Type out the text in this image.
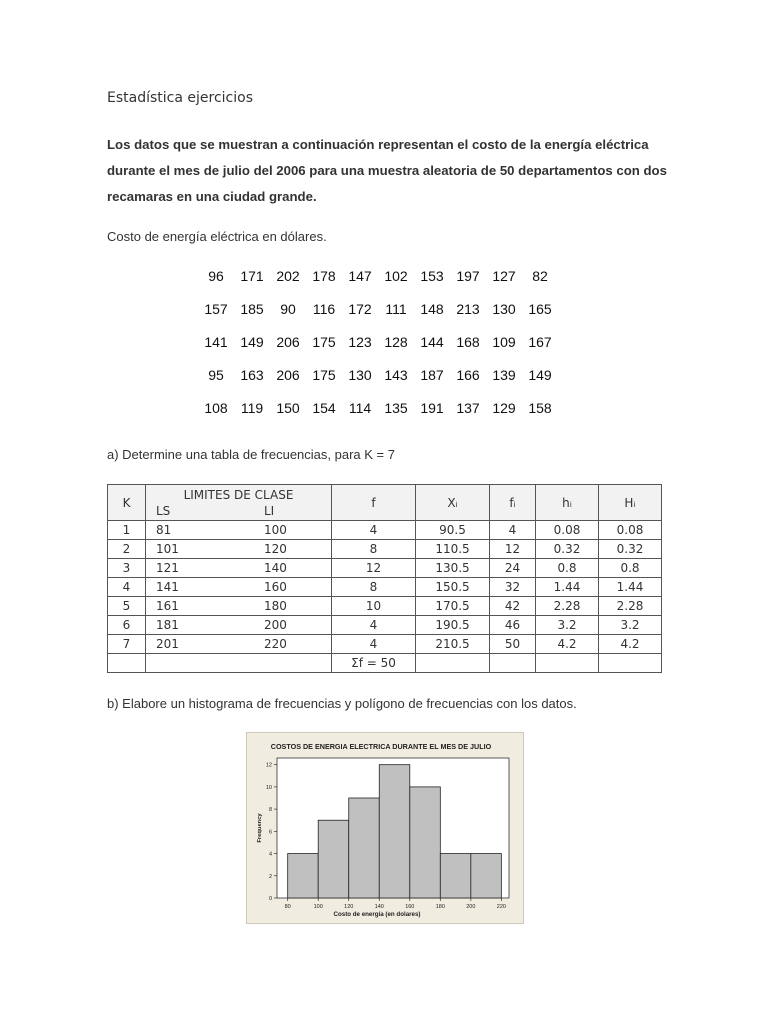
Estadística ejercicios
Los datos que se muestran a continuación representan el costo de la energía eléctrica durante el mes de julio del 2006 para una muestra aleatoria de 50 departamentos con dos recamaras en una ciudad grande.
Costo de energía eléctrica en dólares.
96	171 202 178 147 102 153 197 127	82
157 185	90	116 172 111 148 213 130 165
141 149 206 175 123 128 144 168 109 167
95	163 206 175 130 143 187 166 139 149
108 119 150 154 114 135 191 137 129 158
a) Determine una tabla de frecuencias, para K = 7
K	LIMITES DE CLASE
LS LI	f	Xᵢ	fᵢ	hᵢ	Hᵢ
1	81 100	4	90.5	4	0.08	0.08
2	101 120	8	110.5	12	0.32	0.32
3	121 140	12	130.5	24	0.8	0.8
4	141 160	8	150.5	32	1.44	1.44
5	161 180	10	170.5	42	2.28	2.28
6	181 200	4	190.5	46	3.2	3.2
7	201 220	4	210.5	50	4.2	4.2
		Σf = 50				
b) Elabore un histograma de frecuencias y polígono de frecuencias con los datos.
COSTOS DE ENERGIA ELECTRICA DURANTE EL MES DE JULIO
0
2
4
6
8
10
12
80	100	120	140	160	180	200	220
Costo de energía (en dolares)
Frequency
